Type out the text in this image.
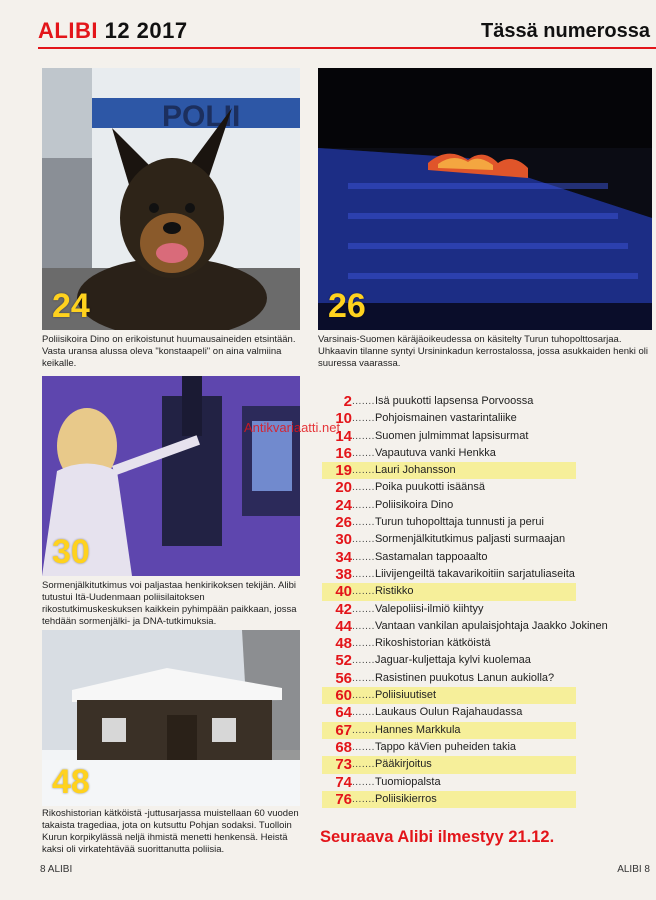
ALIBI 12 2017	Tässä numerossa
POLII
24
Poliisikoira Dino on erikoistunut huumausaineiden etsintään. Vasta uransa alussa oleva "konstaapeli" on aina valmiina keikalle.
26
Varsinais-Suomen käräjäoikeudessa on käsitelty Turun tuhopolttosarjaa. Uhkaavin tilanne syntyi Ursininkadun kerrostalossa, jossa asukkaiden henki oli suuressa vaarassa.
30
Sormenjälkitutkimus voi paljastaa henkirikoksen tekijän. Alibi tutustui Itä-Uudenmaan poliisilaitoksen rikostutkimuskeskuksen kaikkein pyhimpään paikkaan, jossa tehdään sormenjälki- ja DNA-tutkimuksia.
48
Rikoshistorian kätköistä -juttusarjassa muistellaan 60 vuoden takaista tragediaa, jota on kutsuttu Pohjan sodaksi. Tuolloin Kurun korpikylässä neljä ihmistä menetti henkensä. Heistä kaksi oli virkatehtävää suorittanutta poliisia.
2.......Isä puukotti lapsensa Porvoossa
10.......Pohjoismainen vastarintaliike
14.......Suomen julmimmat lapsisurmat
16.......Vapautuva vanki Henkka
19.......Lauri Johansson
20.......Poika puukotti isäänsä
24.......Poliisikoira Dino
26.......Turun tuhopolttaja tunnusti ja perui
30.......Sormenjälkitutkimus paljasti surmaajan
34.......Sastamalan tappoaalto
38.......Liivijengeiltä takavarikoitiin sarjatuliaseita
40.......Ristikko
42.......Valepoliisi-ilmiö kiihtyy
44.......Vantaan vankilan apulaisjohtaja Jaakko Jokinen
48.......Rikoshistorian kätköistä
52.......Jaguar-kuljettaja kylvi kuolemaa
56.......Rasistinen puukotus Lanun aukiolla?
60.......Poliisiuutiset
64.......Laukaus Oulun Rajahaudassa
67.......Hannes Markkula
68.......Tappo käVien puheiden takia
73.......Pääkirjoitus
74.......Tuomiopalsta
76.......Poliisikierros
Antikvariaatti.net
Seuraava Alibi ilmestyy 21.12.
8 ALIBI	ALIBI 8
